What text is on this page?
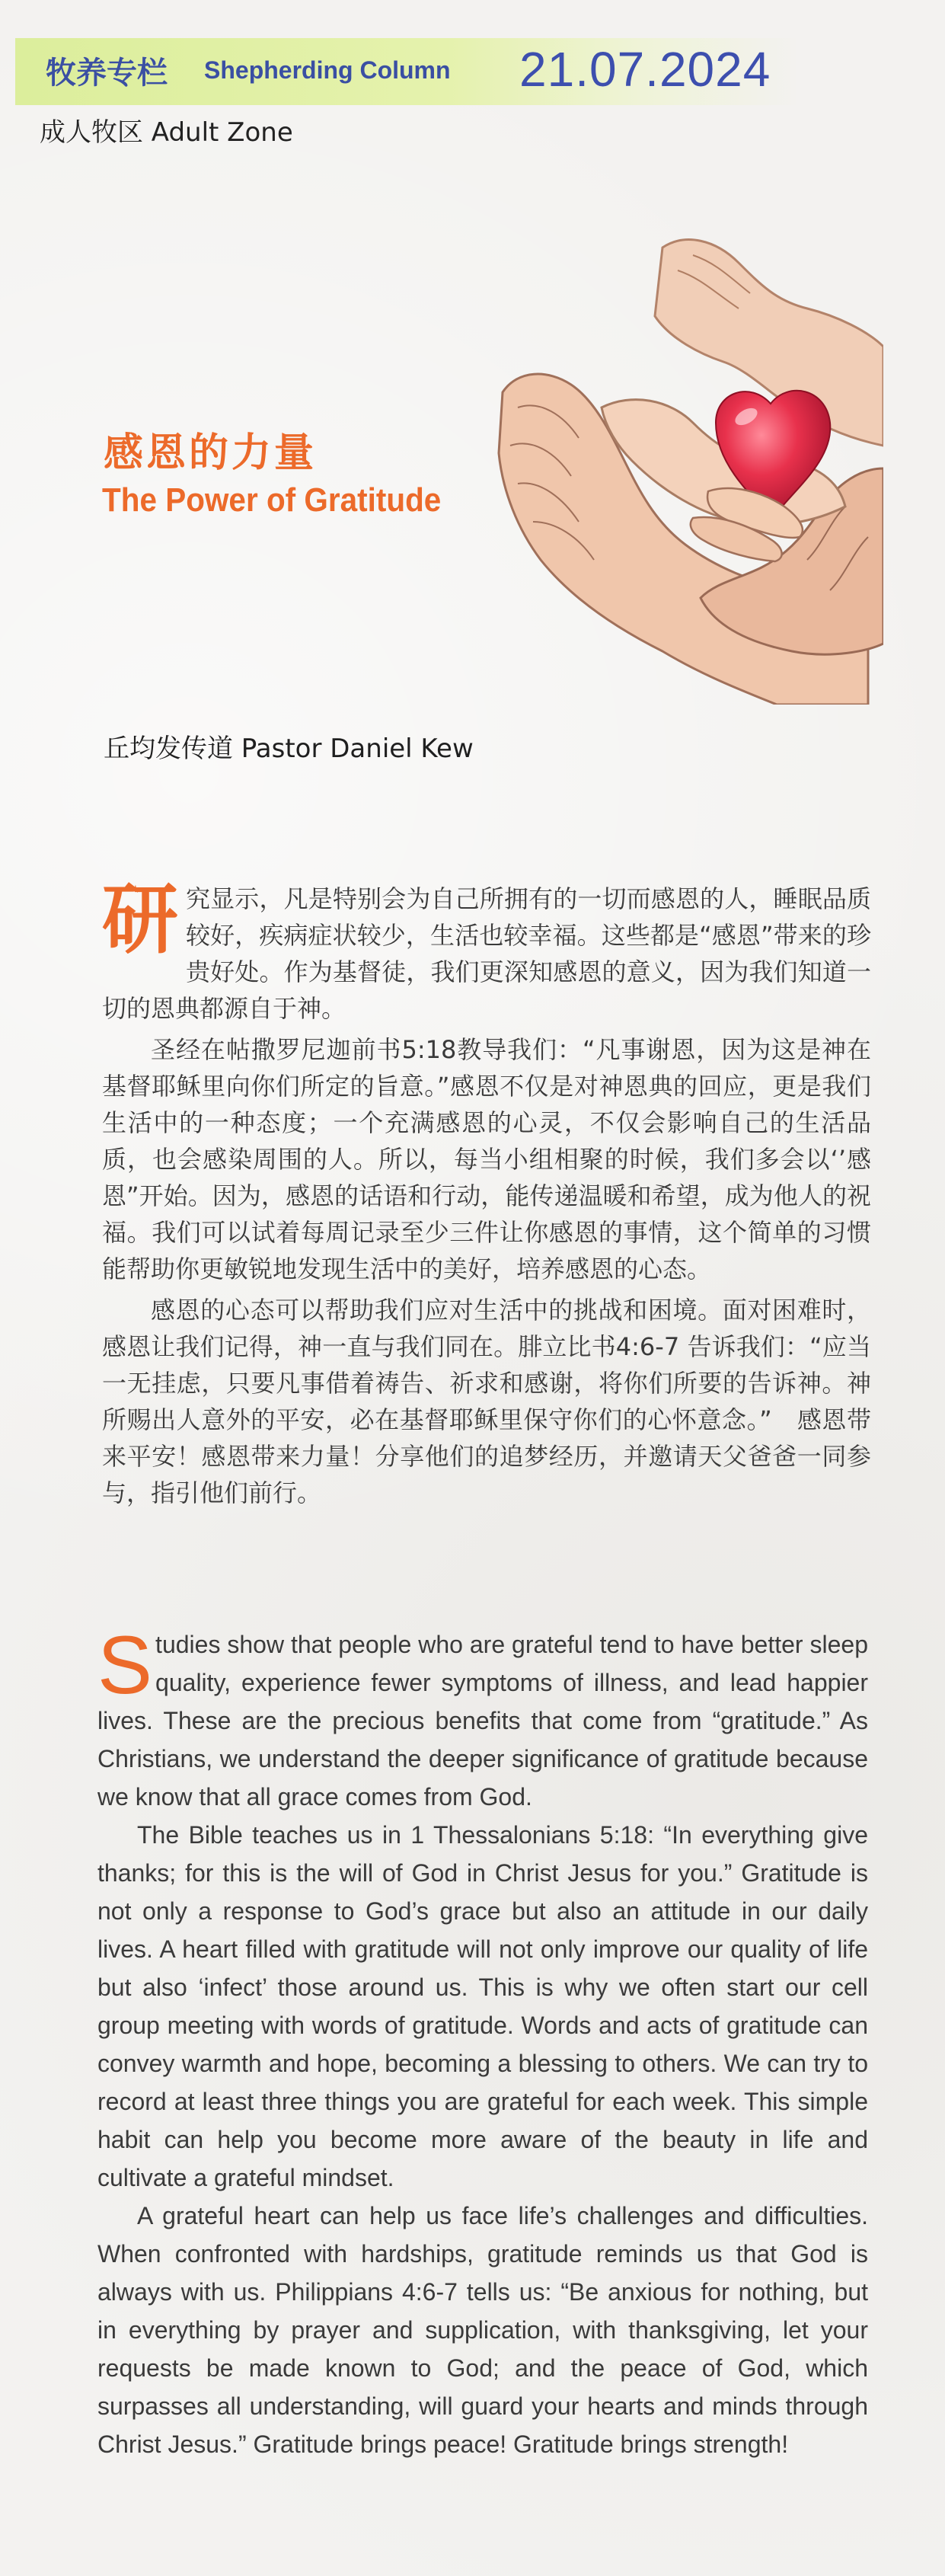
牧养专栏 Shepherding Column 21.07.2024
成人牧区 Adult Zone
感恩的力量
The Power of Gratitude
丘均发传道 Pastor Daniel Kew

研究显示，凡是特别会为自己所拥有的一切而感恩的人，睡眠品质较好，疾病症状较少，生活也较幸福。这些都是“感恩”带来的珍贵好处。作为基督徒，我们更深知感恩的意义，因为我们知道一切的恩典都源自于神。

圣经在帖撒罗尼迦前书5:18教导我们：“凡事谢恩，因为这是神在基督耶稣里向你们所定的旨意。”感恩不仅是对神恩典的回应，更是我们生活中的一种态度；一个充满感恩的心灵，不仅会影响自己的生活品质，也会感染周围的人。所以，每当小组相聚的时候，我们多会以‘’感恩”开始。因为，感恩的话语和行动，能传递温暖和希望，成为他人的祝福。我们可以试着每周记录至少三件让你感恩的事情，这个简单的习惯能帮助你更敏锐地发现生活中的美好，培养感恩的心态。

感恩的心态可以帮助我们应对生活中的挑战和困境。面对困难时，感恩让我们记得，神一直与我们同在。腓立比书4:6-7 告诉我们：“应当一无挂虑，只要凡事借着祷告、祈求和感谢，将你们所要的告诉神。神所赐出人意外的平安，必在基督耶稣里保守你们的心怀意念。”　感恩带来平安！感恩带来力量！分享他们的追梦经历，并邀请天父爸爸一同参与，指引他们前行。

Studies show that people who are grateful tend to have better sleep quality, experience fewer symptoms of illness, and lead happier lives. These are the precious benefits that come from “gratitude.” As Christians, we understand the deeper significance of gratitude because we know that all grace comes from God.

The Bible teaches us in 1 Thessalonians 5:18: “In everything give thanks; for this is the will of God in Christ Jesus for you.” Gratitude is not only a response to God’s grace but also an attitude in our daily lives. A heart filled with gratitude will not only improve our quality of life but also ‘infect’ those around us. This is why we often start our cell group meeting with words of gratitude. Words and acts of gratitude can convey warmth and hope, becoming a blessing to others. We can try to record at least three things you are grateful for each week. This simple habit can help you become more aware of the beauty in life and cultivate a grateful mindset.

A grateful heart can help us face life’s challenges and difficulties. When confronted with hardships, gratitude reminds us that God is always with us. Philippians 4:6-7 tells us: “Be anxious for nothing, but in everything by prayer and supplication, with thanksgiving, let your requests be made known to God; and the peace of God, which surpasses all understanding, will guard your hearts and minds through Christ Jesus.” Gratitude brings peace! Gratitude brings strength!
